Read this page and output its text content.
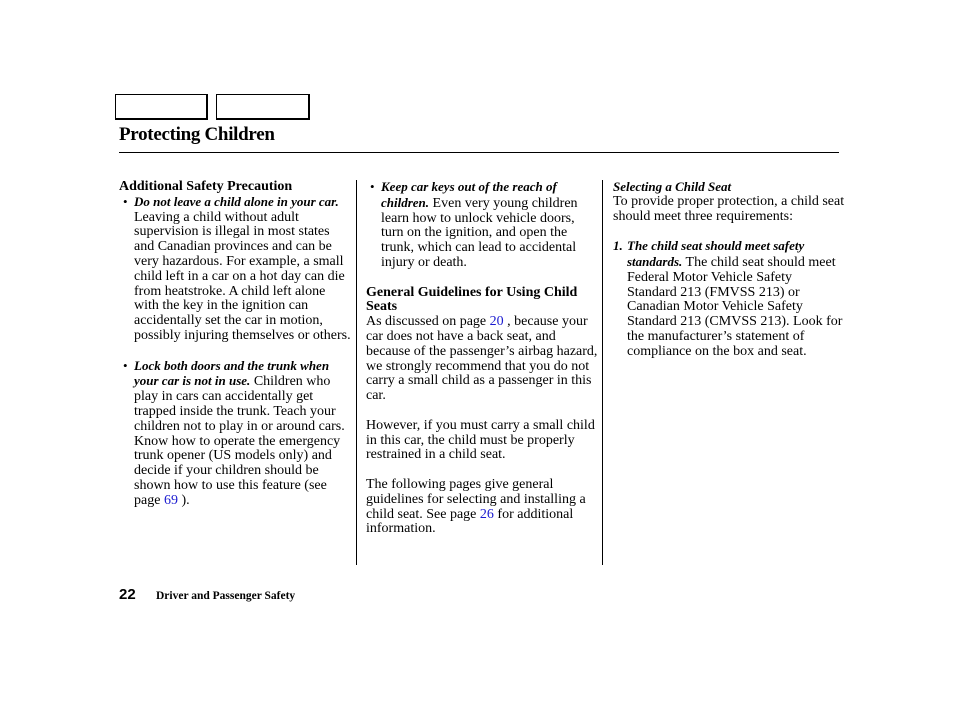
Protecting Children
Additional Safety Precaution
• Do not leave a child alone in your car. Leaving a child without adult supervision is illegal in most states and Canadian provinces and can be very hazardous. For example, a small child left in a car on a hot day can die from heatstroke. A child left alone with the key in the ignition can accidentally set the car in motion, possibly injuring themselves or others.
• Lock both doors and the trunk when your car is not in use. Children who play in cars can accidentally get trapped inside the trunk. Teach your children not to play in or around cars. Know how to operate the emergency trunk opener (US models only) and decide if your children should be shown how to use this feature (see page 69 ).
• Keep car keys out of the reach of children. Even very young children learn how to unlock vehicle doors, turn on the ignition, and open the trunk, which can lead to accidental injury or death.
General Guidelines for Using Child Seats
As discussed on page 20 , because your car does not have a back seat, and because of the passenger’s airbag hazard, we strongly recommend that you do not carry a small child as a passenger in this car.
However, if you must carry a small child in this car, the child must be properly restrained in a child seat.
The following pages give general guidelines for selecting and installing a child seat. See page 26 for additional information.
Selecting a Child Seat
To provide proper protection, a child seat should meet three requirements:
1. The child seat should meet safety standards. The child seat should meet Federal Motor Vehicle Safety Standard 213 (FMVSS 213) or Canadian Motor Vehicle Safety Standard 213 (CMVSS 213). Look for the manufacturer’s statement of compliance on the box and seat.
22 Driver and Passenger Safety
